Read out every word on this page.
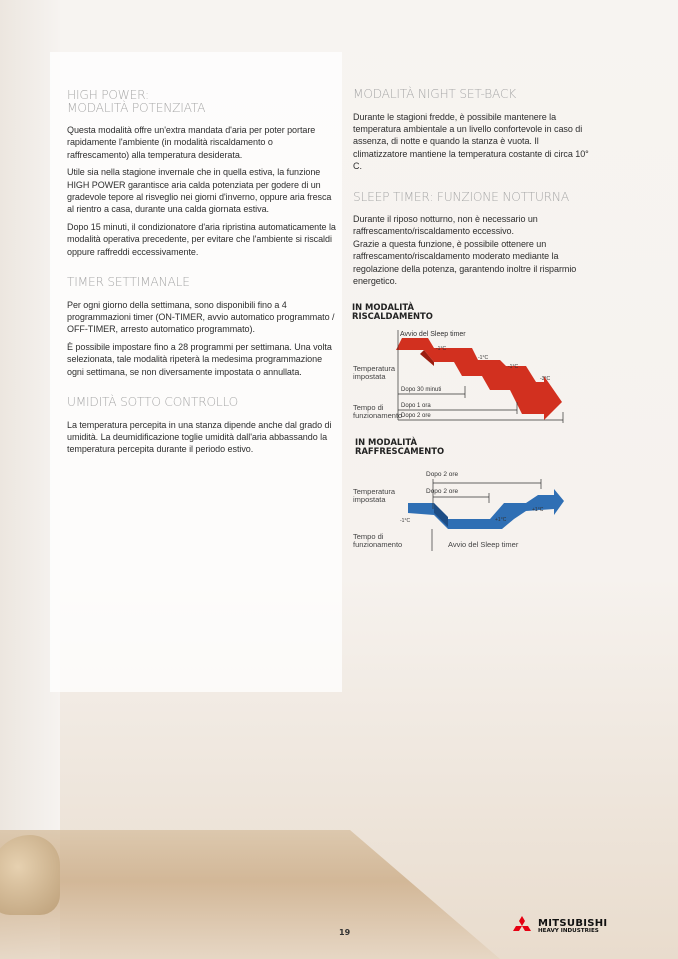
HIGH POWER:
MODALITÀ POTENZIATA

Questa modalità offre un'extra mandata d'aria per poter portare rapidamente l'ambiente (in modalità riscaldamento o raffrescamento) alla temperatura desiderata.

Utile sia nella stagione invernale che in quella estiva, la funzione HIGH POWER garantisce aria calda potenziata per godere di un gradevole tepore al risveglio nei giorni d'inverno, oppure aria fresca al rientro a casa, durante una calda giornata estiva.

Dopo 15 minuti, il condizionatore d'aria ripristina automaticamente la modalità operativa precedente, per evitare che l'ambiente si riscaldi oppure raffreddi eccessivamente.

TIMER SETTIMANALE

Per ogni giorno della settimana, sono disponibili fino a 4 programmazioni timer (ON-TIMER, avvio automatico programmato / OFF-TIMER, arresto automatico programmato).

È possibile impostare fino a 28 programmi per settimana. Una volta selezionata, tale modalità ripeterà la medesima programmazione ogni settimana, se non diversamente impostata o annullata.

UMIDITÀ SOTTO CONTROLLO

La temperatura percepita in una stanza dipende anche dal grado di umidità. La deumidificazione toglie umidità dall'aria abbassando la temperatura percepita durante il periodo estivo.

MODALITÀ NIGHT SET-BACK

Durante le stagioni fredde, è possibile mantenere la temperatura ambientale a un livello confortevole in caso di assenza, di notte e quando la stanza è vuota. Il climatizzatore mantiene la temperatura costante di circa 10° C.

SLEEP TIMER: FUNZIONE NOTTURNA

Durante il riposo notturno, non è necessario un raffrescamento/riscaldamento eccessivo.
Grazie a questa funzione, è possibile ottenere un raffrescamento/riscaldamento moderato mediante la regolazione della potenza, garantendo inoltre il risparmio energetico.

IN MODALITÀ
RISCALDAMENTO
-1°C
-1°C
-1°C
-3°C
Avvio del Sleep timer
Temperatura impostata
Dopo 30 minuti
Dopo 1 ora
Dopo 2 ore
Tempo di funzionamento
IN MODALITÀ
RAFFRESCAMENTO
-1°C	+1°C
+1°C
Dopo 2 ore
Dopo 2 ore
Temperatura impostata
Tempo di funzionamento	Avvio del Sleep timer
19
MITSUBISHI
HEAVY INDUSTRIES
